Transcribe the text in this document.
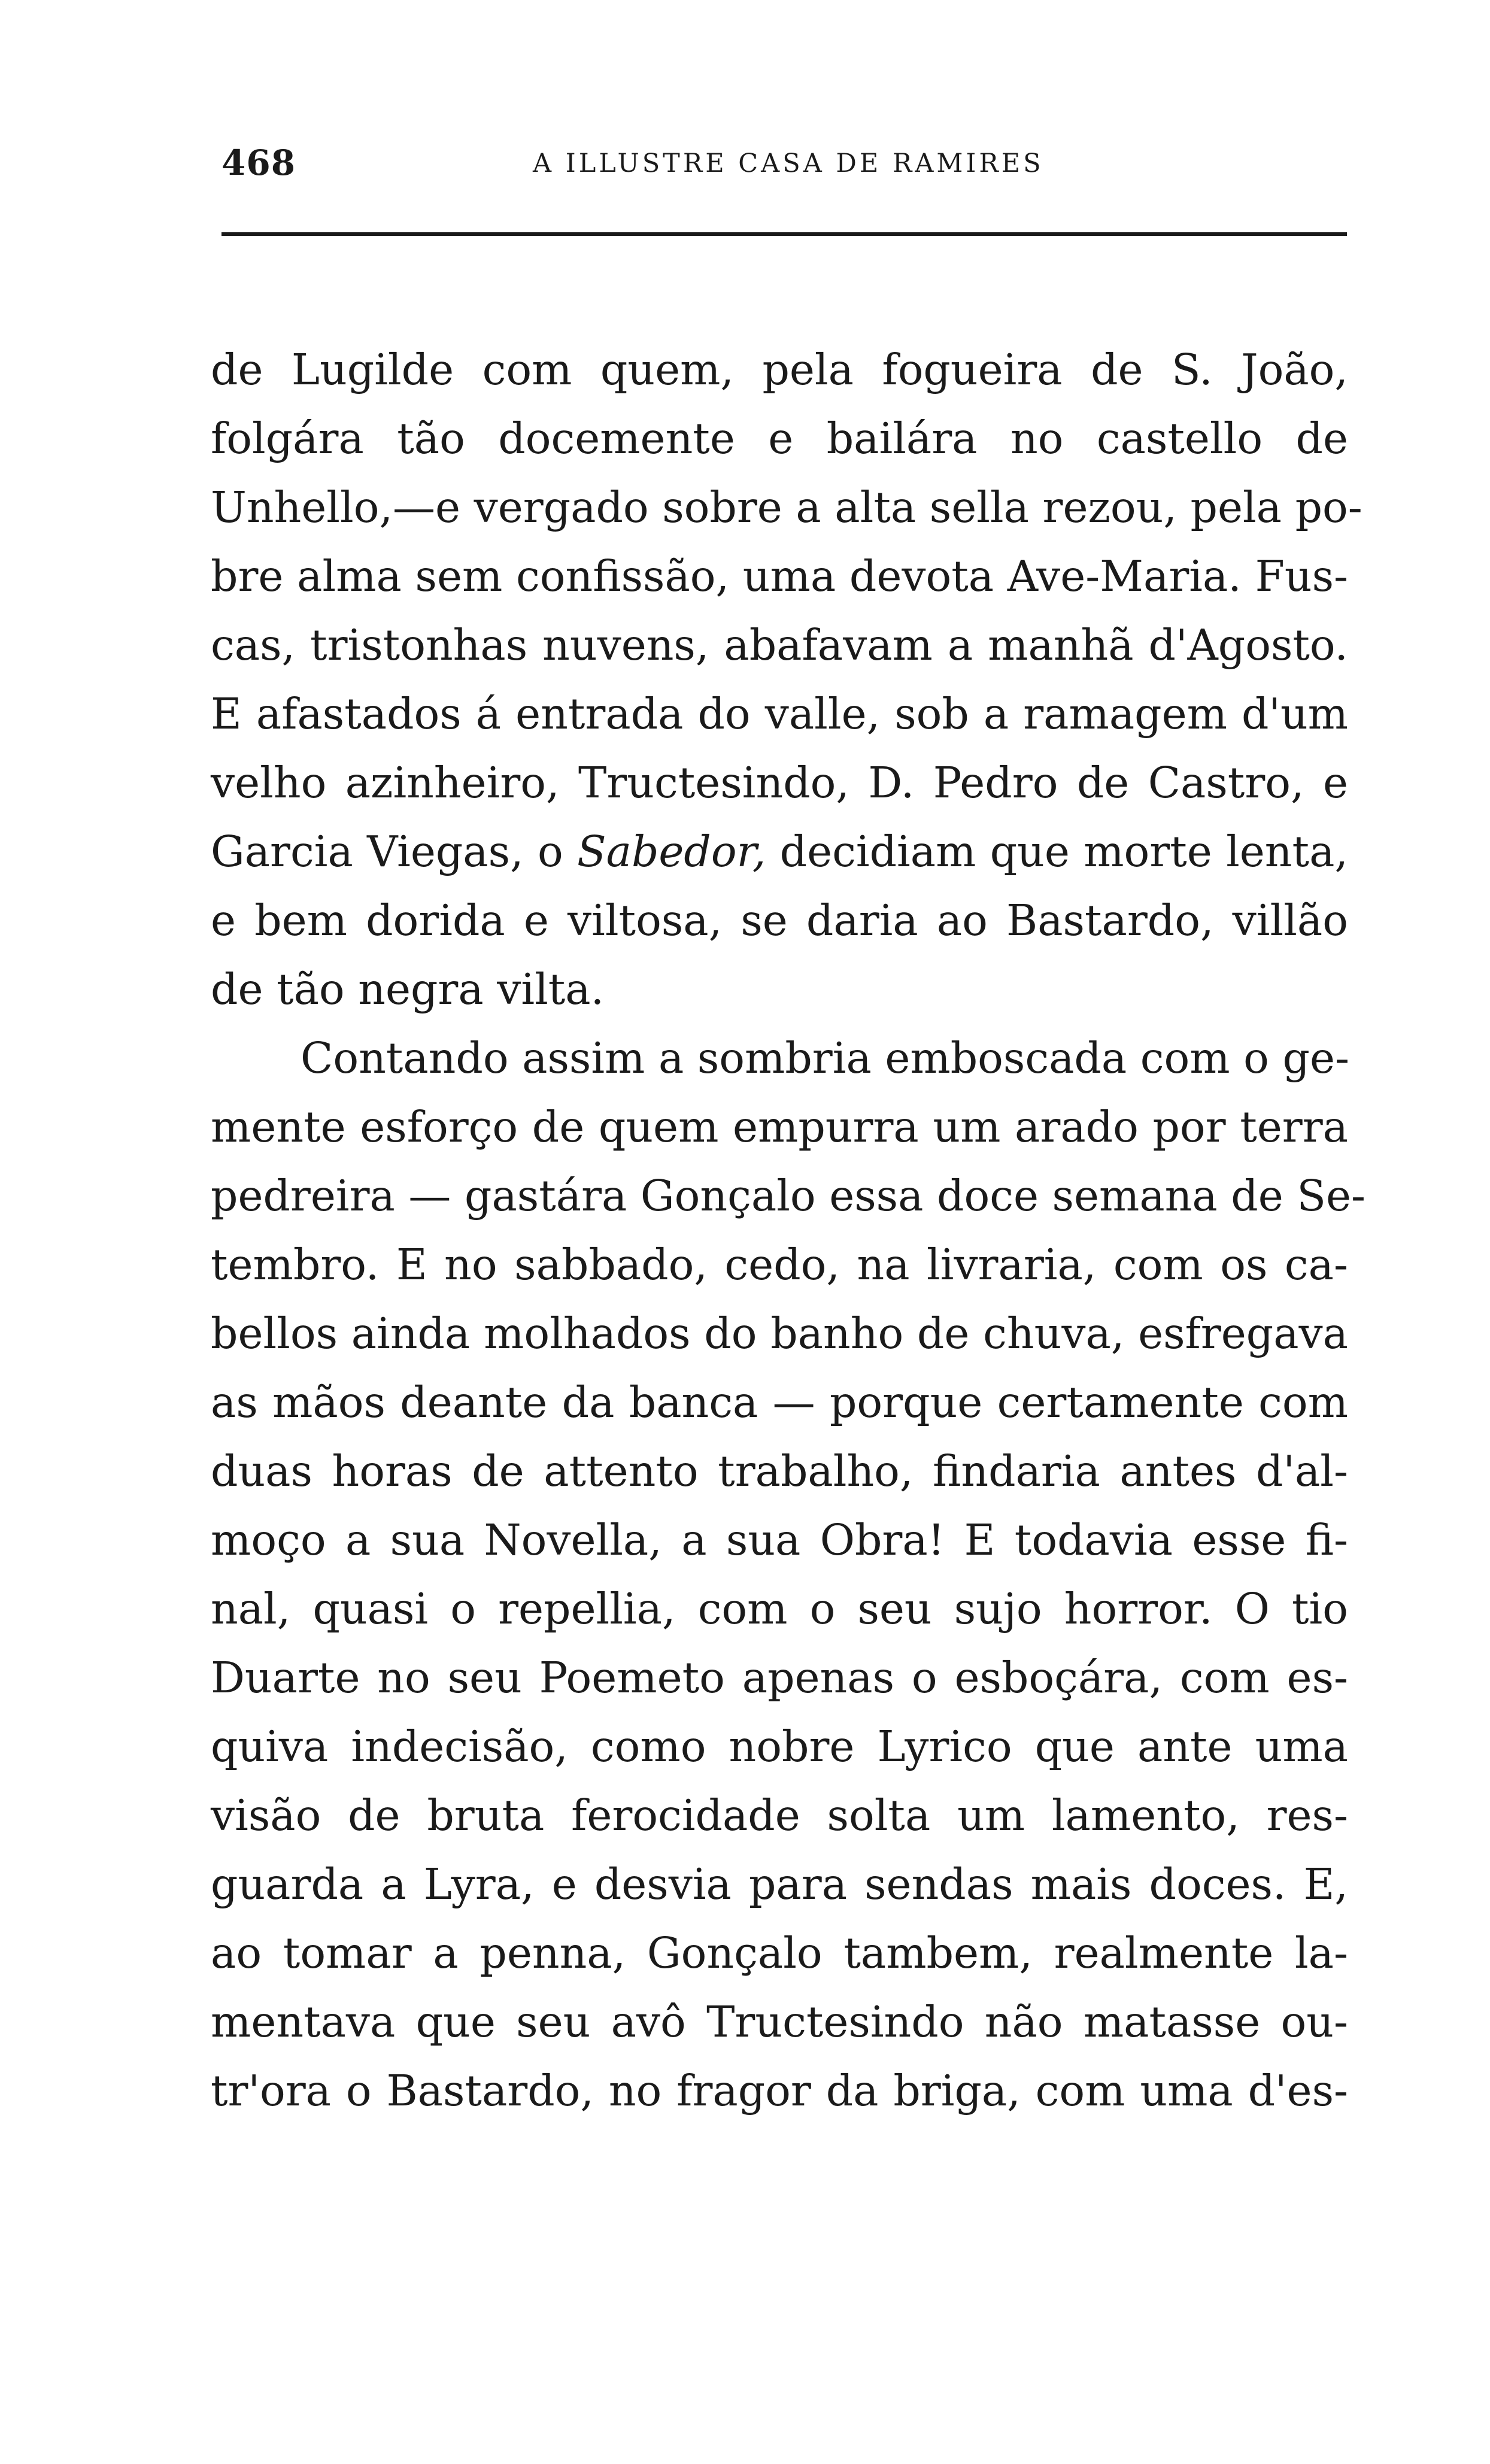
468	A ILLUSTRE CASA DE RAMIRES
de Lugilde com quem, pela fogueira de S. João,
folgára tão docemente e bailára no castello de
Unhello,—e vergado sobre a alta sella rezou, pela po-
bre alma sem confissão, uma devota Ave-Maria. Fus-
cas, tristonhas nuvens, abafavam a manhã d'Agosto.
E afastados á entrada do valle, sob a ramagem d'um
velho azinheiro, Tructesindo, D. Pedro de Castro, e
Garcia Viegas, o Sabedor, decidiam que morte lenta,
e bem dorida e viltosa, se daria ao Bastardo, villão
de tão negra vilta.
Contando assim a sombria emboscada com o ge-
mente esforço de quem empurra um arado por terra
pedreira — gastára Gonçalo essa doce semana de Se-
tembro. E no sabbado, cedo, na livraria, com os ca-
bellos ainda molhados do banho de chuva, esfregava
as mãos deante da banca — porque certamente com
duas horas de attento trabalho, findaria antes d'al-
moço a sua Novella, a sua Obra! E todavia esse fi-
nal, quasi o repellia, com o seu sujo horror. O tio
Duarte no seu Poemeto apenas o esboçára, com es-
quiva indecisão, como nobre Lyrico que ante uma
visão de bruta ferocidade solta um lamento, res-
guarda a Lyra, e desvia para sendas mais doces. E,
ao tomar a penna, Gonçalo tambem, realmente la-
mentava que seu avô Tructesindo não matasse ou-
tr'ora o Bastardo, no fragor da briga, com uma d'es-
